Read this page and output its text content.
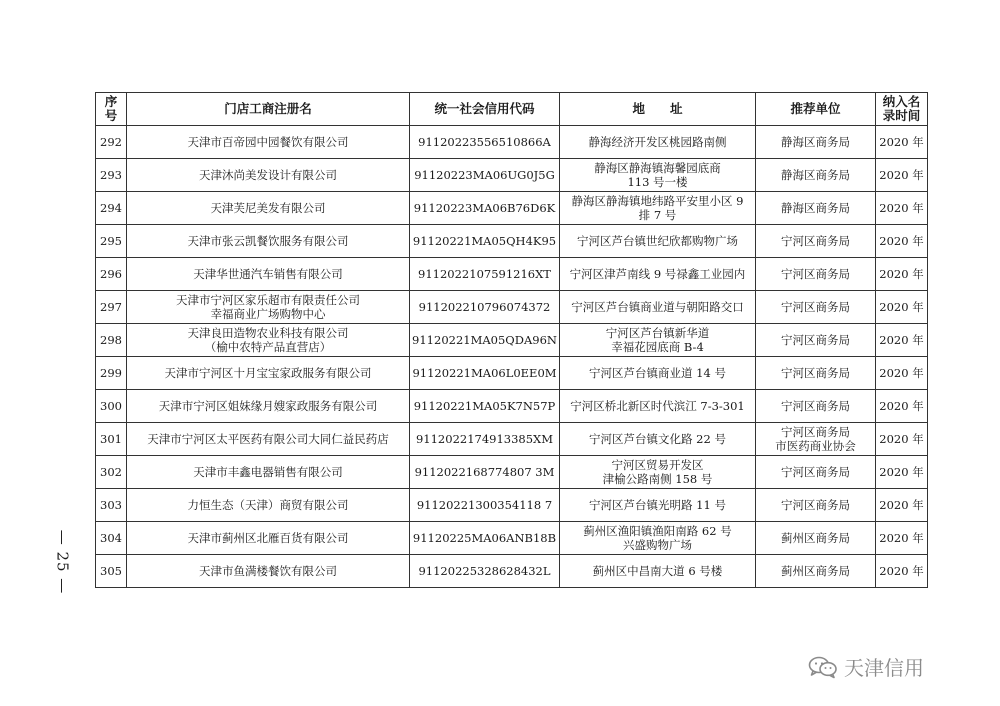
— 25 —
序
号	门店工商注册名	统一社会信用代码	地　　址	推荐单位	纳入名
录时间

292	天津市百帝园中园餐饮有限公司	91120223556510866A	静海经济开发区桃园路南侧	静海区商务局	2020 年
293	天津沐尚美发设计有限公司	91120223MA06UG0J5G	静海区静海镇海馨园底商
113 号一楼	静海区商务局	2020 年
294	天津芙尼美发有限公司	91120223MA06B76D6K	静海区静海镇地纬路平安里小区 9
排 7 号	静海区商务局	2020 年
295	天津市张云凯餐饮服务有限公司	91120221MA05QH4K95	宁河区芦台镇世纪欣都购物广场	宁河区商务局	2020 年
296	天津华世通汽车销售有限公司	9112022107591216XT	宁河区津芦南线 9 号禄鑫工业园内	宁河区商务局	2020 年
297	天津市宁河区家乐超市有限责任公司
幸福商业广场购物中心	911202210796074372	宁河区芦台镇商业道与朝阳路交口	宁河区商务局	2020 年
298	天津良田造物农业科技有限公司
（榆中农特产品直营店）	91120221MA05QDA96N	宁河区芦台镇新华道
幸福花园底商 B-4	宁河区商务局	2020 年
299	天津市宁河区十月宝宝家政服务有限公司	91120221MA06L0EE0M	宁河区芦台镇商业道 14 号	宁河区商务局	2020 年
300	天津市宁河区姐妹缘月嫂家政服务有限公司	91120221MA05K7N57P	宁河区桥北新区时代滨江 7-3-301	宁河区商务局	2020 年
301	天津市宁河区太平医药有限公司大同仁益民药店	9112022174913385XM	宁河区芦台镇文化路 22 号	宁河区商务局
市医药商业协会	2020 年
302	天津市丰鑫电器销售有限公司	9112022168774807 3M	宁河区贸易开发区
津榆公路南侧 158 号	宁河区商务局	2020 年
303	力恒生态（天津）商贸有限公司	91120221300354118 7	宁河区芦台镇光明路 11 号	宁河区商务局	2020 年
304	天津市蓟州区北雁百货有限公司	91120225MA06ANB18B	蓟州区渔阳镇渔阳南路 62 号
兴盛购物广场	蓟州区商务局	2020 年
305	天津市鱼满楼餐饮有限公司	91120225328628432L	蓟州区中昌南大道 6 号楼	蓟州区商务局	2020 年
天津信用
